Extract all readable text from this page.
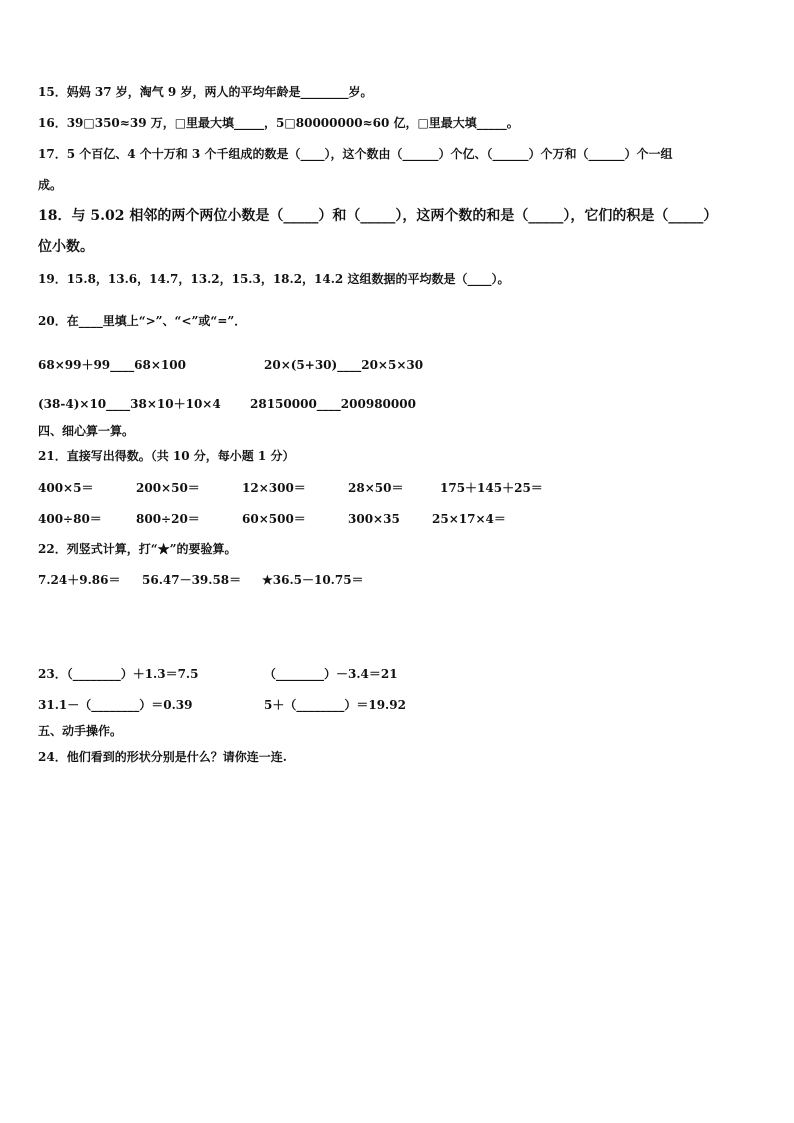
15．妈妈 37 岁，淘气 9 岁，两人的平均年龄是________岁。
16．39□350≈39 万，□里最大填_____，5□80000000≈60 亿，□里最大填_____。
17．5 个百亿、4 个十万和 3 个千组成的数是（____），这个数由（______）个亿、（______）个万和（______）个一组
成。
18．与 5.02 相邻的两个两位小数是（_____）和（_____），这两个数的和是（_____），它们的积是（_____）
位小数。
19．15.8，13.6，14.7，13.2，15.3，18.2，14.2 这组数据的平均数是（____）。
20．在____里填上“>”、“<”或“=”．
68×99＋99____68×100	20×(5+30)____20×5×30
(38-4)×10____38×10＋10×4 28150000____200980000
四、细心算一算。
21．直接写出得数。（共 10 分，每小题 1 分）
400×5＝	200×50＝	12×300＝	28×50＝	175＋145＋25＝
400÷80＝	800÷20＝	60×500＝	300×35	25×17×4＝
22．列竖式计算，打“★”的要验算。
7.24＋9.86＝ 56.47－39.58＝ ★36.5－10.75＝
23．（________）＋1.3＝7.5	（________）－3.4＝21
31.1－（________）＝0.39	5＋（________）＝19.92
五、动手操作。
24．他们看到的形状分别是什么？请你连一连.
